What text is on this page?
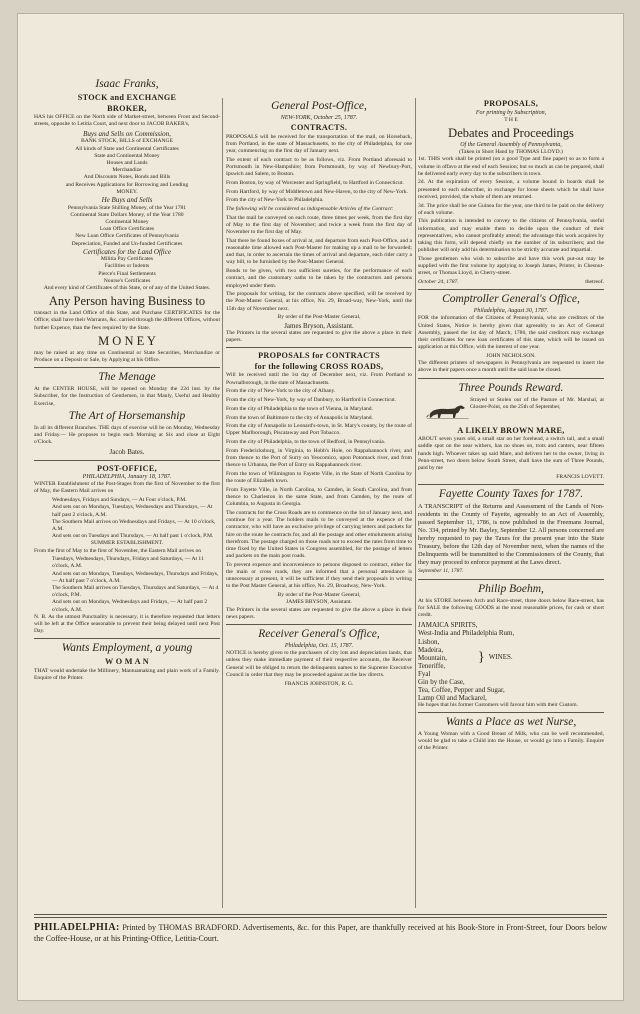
Isaac Franks,
STOCK and EXCHANGE
BROKER,

HAS his OFFICE on the North side of Market-street, between Front and Second-streets, opposite to Letitia Court, and next door to JACOB BAKER's,

Buys and Sells on Commission,
BANK STOCK, BILLS of EXCHANGE
All kinds of State and Continental Certificates
State and Continental Money
Houses and Lands
Merchandize
And Discounts Notes, Bonds and Bills
and Receives Applications for Borrowing and Lending
MONEY.
He Buys and Sells
Pennsylvania State Shilling Money, of the Year 1781
Continental State Dollars Money, of the Year 1780
Continental Money
Loan Office Certificates
New Loan Office Certificates of Pennsylvania
Depreciation, Funded and Un-funded Certificates
Certificates for the Land Office
Militia Pay Certificates
Facilities or Indents
Pierce's Final Settlements
Nourse's Certificates
And every kind of Certificates of this State, or of any of the United States.
Any Person having Business to

transact in the Land Office of this State, and Purchase CERTIFICATES for the Office; shall have their Warrants, &c. carried through the different Offices, without further Expence, than the fees required by the State.

M O N E Y

may be raised at any time on Continental or State Securities, Merchandize or Produce on a Deposit or Sale, by Applying at his Office.

The Menage

At the CENTER HOUSE, will be opened on Monday the 22d inst. by the Subscriber, for the Instruction of Gentlemen, in that Manly, Useful and Healthy Exercise,

The Art of Horsemanship

In all its different Branches. THE days of exercise will be on Monday, Wednesday and Friday.— He proposes to begin each Morning at Six and close at Eight o'Clock.

Jacob Bates.
POST-OFFICE,
PHILADELPHIA, January 18, 1787.

WINTER Establishment of the Post-Stages from the first of November to the first of May, the Eastern Mail arrives on

Wednesdays, Fridays and Sundays, — At Four o'clock, P.M.
And sets out on Mondays, Tuesdays, Wednesdays and Thursdays, — At half past 2 o'clock, A.M.
The Southern Mail arrives on Wednesdays and Fridays, — At 10 o'clock, A.M.
And sets out on Tuesdays and Thursdays, — At half past 1 o'clock, P.M.
SUMMER ESTABLISHMENT.

From the first of May to the first of November, the Eastern Mail arrives on

Tuesdays, Wednesdays, Thursdays, Fridays and Saturdays, — At 11 o'clock, A.M.
And sets out on Mondays, Tuesdays, Wednesdays, Thursdays and Fridays, — At half past 7 o'clock, A.M.
The Southern Mail arrives on Tuesdays, Thursdays and Saturdays, — At 4 o'clock, P.M.
And sets out on Mondays, Wednesdays and Fridays, — At half past 2 o'clock, A.M.

N. B. As the utmost Punctuality is necessary, it is therefore requested that letters will be left at the Office seasonable to prevent their being delayed until next Post Day.

Wants Employment, a young
W O M A N

THAT would undertake the Millinery, Mantuamaking and plain work of a Family. Enquire of the Printer.

General Post-Office,
NEW-YORK, October 25, 1787.
CONTRACTS.

PROPOSALS will be received for the transportation of the mail, on Horseback, from Portland, in the state of Massachusetts, to the city of Philadelphia, for one year, commencing on the first day of January next.

The extent of each contract to be as follows, viz. From Portland aforesaid to Portsmouth in New-Hampshire; from Portsmouth, by way of Newbury-Port, Ipswich and Salem, to Boston.

From Boston, by way of Worcester and Springfield, to Hartford in Connecticut.

From Hartford, by way of Middletown and New-Haven, to the city of New-York.

From the city of New-York to Philadelphia.

The following will be considered as indispensable Articles of the Contract:

That the mail be conveyed on each route, three times per week, from the first day of May to the first day of November; and twice a week from the first day of November to the first day of May.

That there be found boxes of arrival at, and departure from each Post-Office, and a reasonable time allowed each Post-Master for making up a mail to be forwarded; and that, in order to ascertain the times of arrival and departure, each rider carry a way bill, to be furnished by the Post-Master General.

Bonds to be given, with two sufficient sureties, for the performance of each contract, and the customary oaths to be taken by the contractors and persons employed under them.

The proposals for writing, for the contracts above specified, will be received by the Post-Master General, at his office, No. 29, Broad-way, New-York, until the 15th day of November next.

By order of the Post-Master General,
James Bryson, Assistant.

The Printers in the several states are requested to give the above a place in their papers.

PROPOSALS for CONTRACTS
for the following CROSS ROADS,

Will be received until the 1st day of December next, viz. From Portland to Pownalborough, in the state of Massachusetts.

From the city of New-York to the city of Albany.

From the city of New-York, by way of Danbury, to Hartford in Connecticut.

From the city of Philadelphia to the town of Vienna, in Maryland.

From the town of Baltimore to the city of Annapolis in Maryland.

From the city of Annapolis to Leonard's-town, in St. Mary's county, by the route of Upper Marlborough, Piscataway and Port Tobacco.

From the city of Philadelphia, to the town of Bedford, in Pennsylvania.

From Fredericksburg, in Virginia, to Hobb's Hole, on Rappahannock river, and from thence to the Port of Surry on Yeocomico, upon Potomack river, and from thence to Urbanna, the Port of Entry on Rappahannock river.

From the town of Wilmington to Fayette Ville, in the State of North Carolina by the route of Elizabeth town.

From Fayette Ville, in North Carolina, to Camden, in South Carolina, and from thence to Charleston in the same State, and from Camden, by the route of Columbia, to Augusta in Georgia.

The contracts for the Cross Roads are to commence on the 1st of January next, and continue for a year. The holders mails to be conveyed at the expence of the contractor, who will have an exclusive privilege of carrying letters and packets for hire on the route he contracts for, and all the postage and other emoluments arising therefrom. The postage charged on those roads not to exceed the rates from time to time fixed by the United States in Congress assembled, for the postage of letters and packets on the main post roads.

To prevent expence and inconvenience to persons disposed to contract, either for the main or cross roads, they are informed that a personal attendance is unnecessary at present, it will be sufficient if they send their proposals in writing to the Post Master General, at his office, No. 29, Broadway, New-York.

By order of the Post-Master General,
JAMES BRYSON, Assistant.

The Printers in the several states are requested to give the above a place in their news papers.

Receiver General's Office,
Philadelphia, Oct. 15, 1787.

NOTICE is hereby given to the purchasers of city lots and depreciation lands, that unless they make immediate payment of their respective accounts, the Receiver General will be obliged to return the delinquents names to the Supreme Executive Council in order that they may be proceeded against as the law directs.

FRANCIS JOHNSTON, R. G.
PROPOSALS,
For printing by Subscription,
T H E
Debates and Proceedings
Of the General Assembly of Pennsylvania,
(Taken in Short Hand by THOMAS LLOYD.)

1st. THIS work shall be printed (on a good Type and fine paper) so as to form a volume in offavo at the end of each Session; but so much as can be prepared, shall be delivered early every day to the subscribers in town.

2d. At the expiration of every Session, a volume bound in boards shall be presented to each subscriber, in exchange for loose sheets which he shall have received, provided, the whole of them are returned.

3d. The price shall be one Guinea for the year, one third to be paid on the delivery of each volume.

This publication is intended to convey to the citizens of Pennsylvania, useful information, and may enable them to decide upon the conduct of their representatives, who cannot profitably attend; the advantage this work acquires by taking this form, will depend chiefly on the number of its subscribers; and the publisher will only add his determination to be strictly accurate and impartial.

Those gentlemen who wish to subscribe and have this work put-out may be supplied with the first volume by applying to Joseph James, Printer, in Chesnut-street, or Thomas Lloyd, in Cherry-street.

October 24, 1787.	thetreof.
Comptroller General's Office,
Philadelphia, August 30, 1787.

FOR the information of the Citizens of Pennsylvania, who are creditors of the United States, Notice is hereby given that agreeably to an Act of General Assembly, passed the 1st day of March, 1786, the said creditors may exchange their certificates for new loan certificates of this state, which will be issued on application at this Office, with the interest of one year.

JOHN NICHOLSON.

The different printers of newspapers in Pennsylvania are requested to insert the above in their papers once a month until the said loan be closed.

Three Pounds Reward.
Strayed or Stolen out of the Pasture of Mr. Marshal, at Gloster-Point, on the 25th of September,
A LIKELY BROWN MARE,

ABOUT seven years old, a small star on her forehead, a switch tail, and a small saddle spot on the near withers, has no shoes on, trots and canters, near fifteen hands high. Whoever takes up said Mare, and delivers her to the owner, living in Penn-street, two doors below South Street, shall have the sum of Three Pounds, paid by me

FRANCIS LOVETT.
Fayette County Taxes for 1787.

A TRANSCRIPT of the Returns and Assessment of the Lands of Non-residents in the County of Fayette, agreeably to an Act of Assembly, passed September 11, 1786, is now published in the Freemans Journal, No. 334, printed by Mr. Bayley, September 12. All persons concerned are hereby requested to pay the Taxes for the present year into the State Treasury, before the 12th day of November next, when the names of the Delinquents will be transmitted to the Commissioners of the County, that they may proceed to enforce payment at the Laws direct.

September 11, 1787.
Philip Boehm,

At his STORE between Arch and Race-street, three doors below Race-street, has for SALE the following GOODS at the most reasonable prices, for cash or short credit.

JAMAICA SPIRITS,
West-India and Philadelphia Rum,
Lisbon,
Madeira,
Mountain,
Teneriffe,
Fyal
} WINES.
Gin by the Case,
Tea, Coffee, Pepper and Sugar,
Lamp Oil and Mackarel,

He hopes that his former Customers will favour him with their Custom.

Wants a Place as wet Nurse,

A Young Woman with a Good Breast of Milk, who can be well recommended, would be glad to take a Child into the House, or would go into a Family. Enquire of the Printer.

PHILADELPHIA: Printed by THOMAS BRADFORD. Advertisements, &c. for this Paper, are thankfully received at his Book-Store in Front-Street, four Doors below the Coffee-House, or at his Printing-Office, Letitia-Court.
